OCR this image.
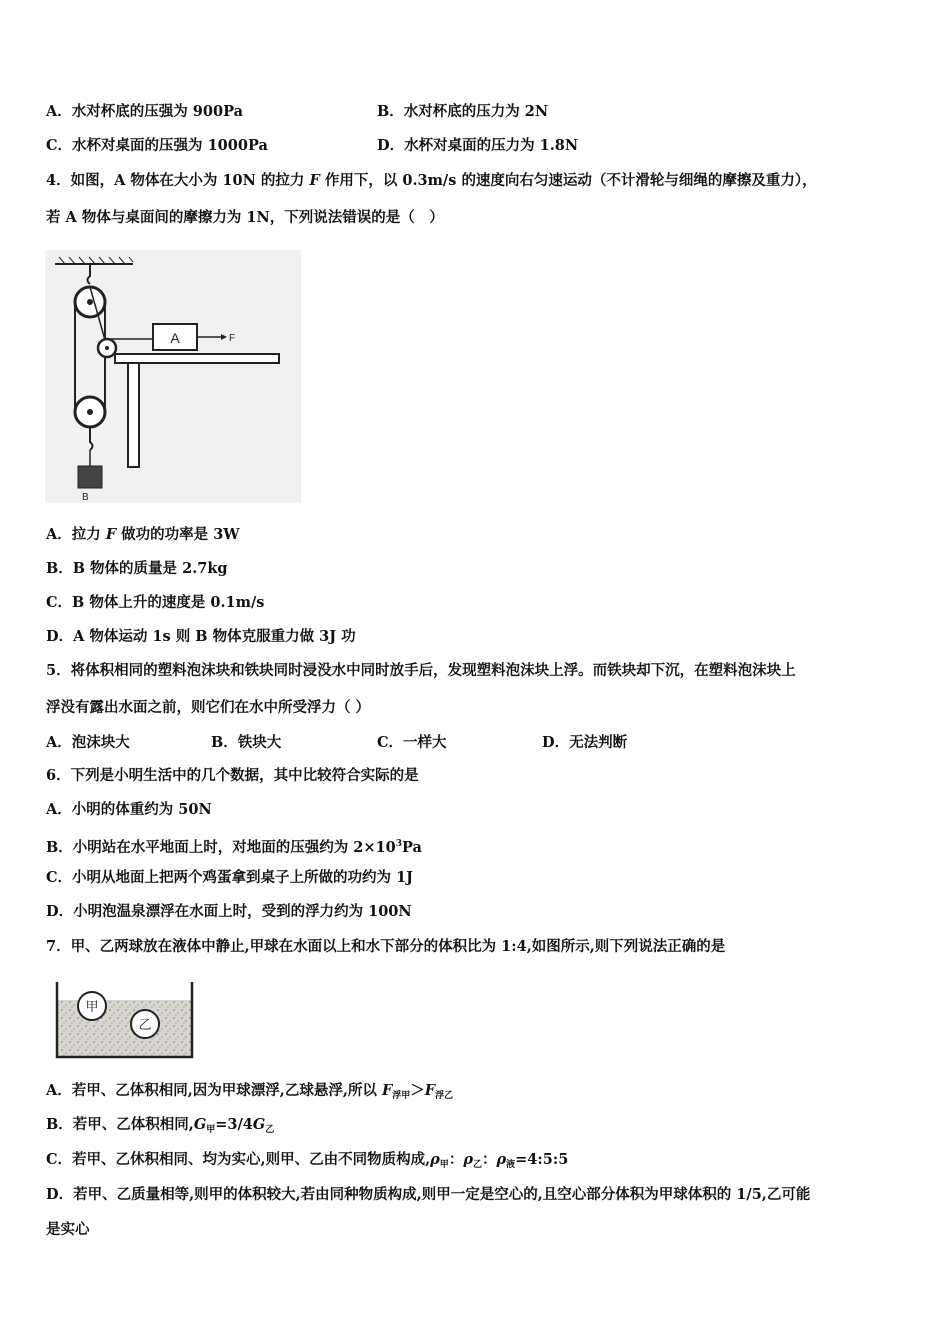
A．水对杯底的压强为 900Pa	B．水对杯底的压力为 2N
C．水杯对桌面的压强为 1000Pa	D．水杯对桌面的压力为 1.8N
4．如图，A 物体在大小为 10N 的拉力 F 作用下，以 0.3m/s 的速度向右匀速运动（不计滑轮与细绳的摩擦及重力），
若 A 物体与桌面间的摩擦力为 1N，下列说法错误的是（　）
A	F
B
A．拉力 F 做功的功率是 3W
B．B 物体的质量是 2.7kg
C．B 物体上升的速度是 0.1m/s
D．A 物体运动 1s 则 B 物体克服重力做 3J 功
5．将体积相同的塑料泡沫块和铁块同时浸没水中同时放手后，发现塑料泡沫块上浮。而铁块却下沉，在塑料泡沫块上
浮没有露出水面之前，则它们在水中所受浮力（ ）
A．泡沫块大	B．铁块大	C．一样大	D．无法判断
6．下列是小明生活中的几个数据，其中比较符合实际的是
A．小明的体重约为 50N
B．小明站在水平地面上时，对地面的压强约为 $2\times 10^3Pa$
C．小明从地面上把两个鸡蛋拿到桌子上所做的功约为 1J
D．小明泡温泉漂浮在水面上时，受到的浮力约为 100N
7．甲、乙两球放在液体中静止,甲球在水面以上和水下部分的体积比为 1:4,如图所示,则下列说法正确的是
甲
乙
A．若甲、乙体积相同,因为甲球漂浮,乙球悬浮,所以 $F_{浮甲}>F_{浮乙}$
B．若甲、乙体积相同$,G_甲=3/4G_乙$
C．若甲、乙休积相同、均为实心,则甲、乙由不同物质构成$,\rho_甲$：$\rho_乙$：$\rho_液=4:5:5$
D．若甲、乙质量相等,则甲的体积较大,若由同种物质构成,则甲一定是空心的,且空心部分体积为甲球体积的 1/5,乙可能
是实心
